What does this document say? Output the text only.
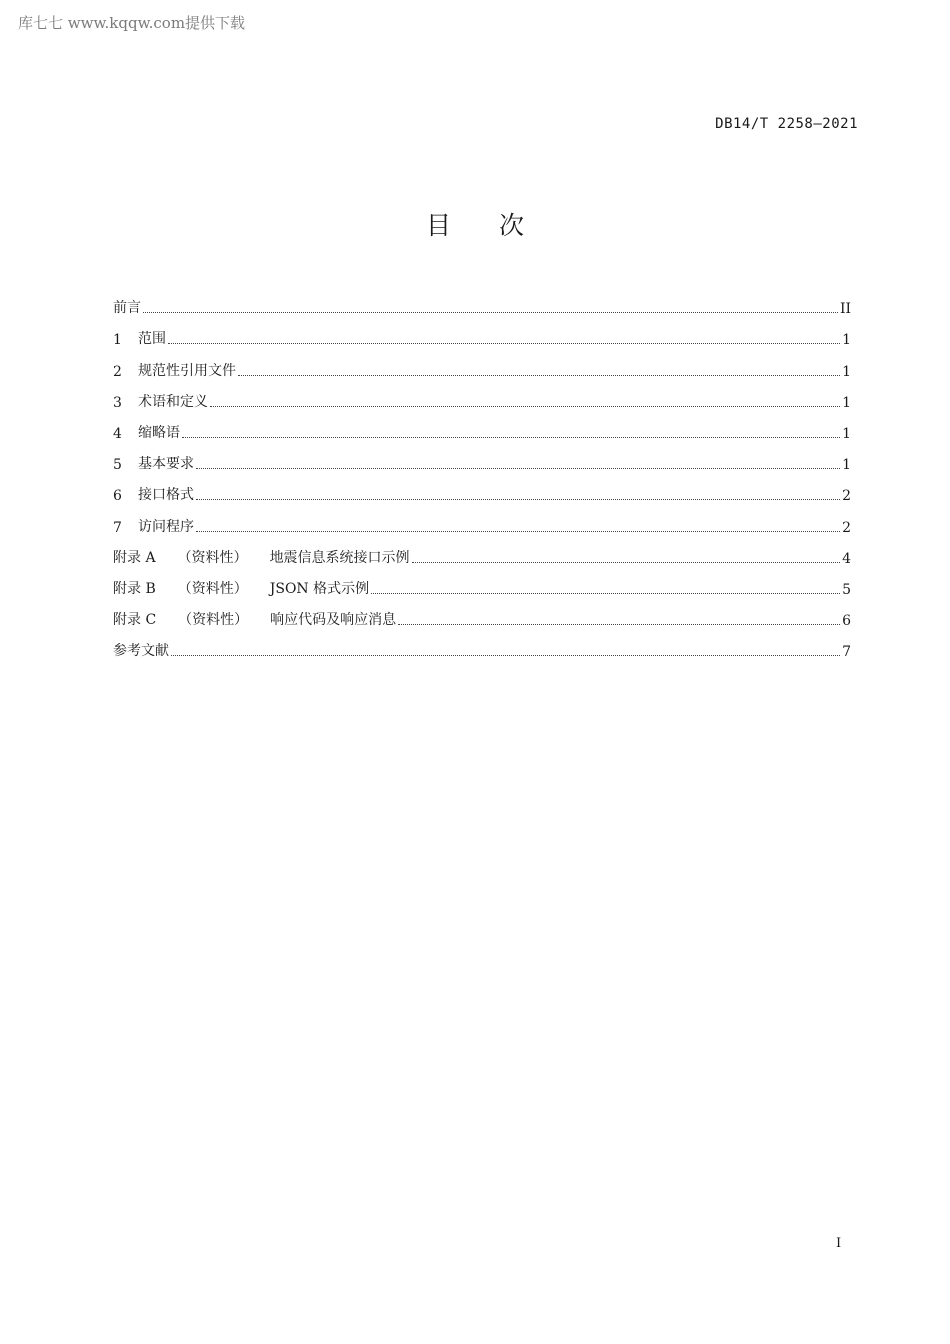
库七七 www.kqqw.com提供下载
DB14/T 2258—2021
目次
前言	II
1	范围	1
2	规范性引用文件	1
3	术语和定义	1
4	缩略语	1
5	基本要求	1
6	接口格式	2
7	访问程序	2
附录 A	（资料性）	地震信息系统接口示例	4
附录 B	（资料性）	JSON 格式示例	5
附录 C	（资料性）	响应代码及响应消息	6
参考文献	7
I
